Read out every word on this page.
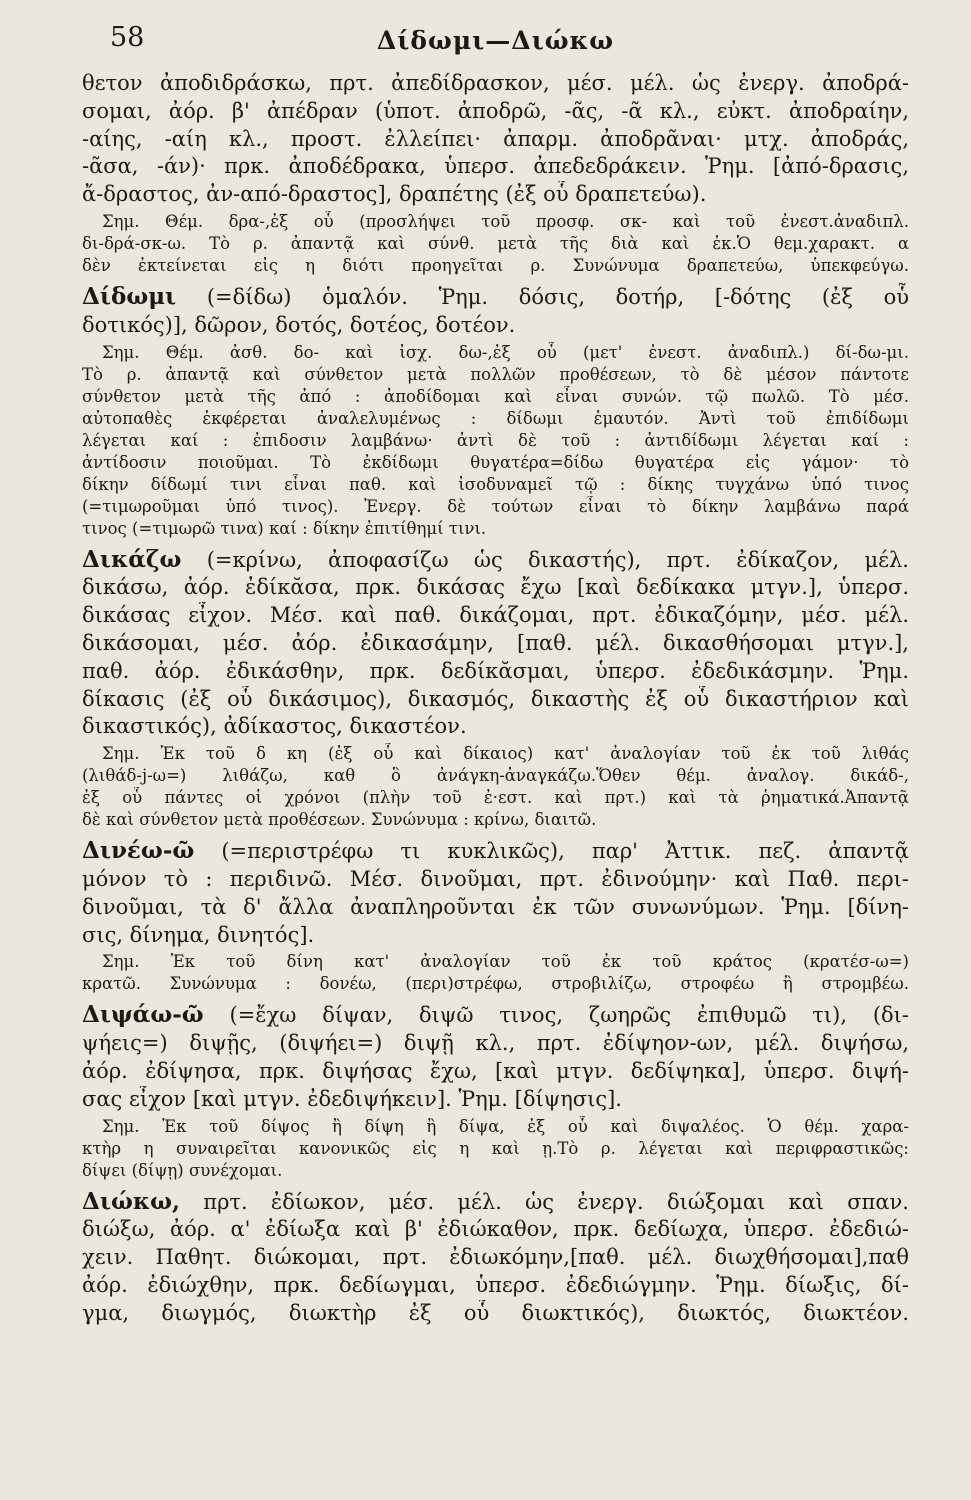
58	Δίδωμι—Διώκω
θετον ἀποδιδράσκω, πρτ. ἀπεδίδρασκον, μέσ. μέλ. ὡς ἐνεργ. ἀποδρά-
σομαι, ἀόρ. β' ἀπέδραν (ὑποτ. ἀποδρῶ, -ᾶς, -ᾶ κλ., εὐκτ. ἀποδραίην,
-αίης, -αίη κλ., προστ. ἐλλείπει· ἀπαρμ. ἀποδρᾶναι· μτχ. ἀποδράς,
-ᾶσα, -άν)· πρκ. ἀποδέδρακα, ὑπερσ. ἀπεδεδράκειν. Ῥημ. [ἀπό-δρασις,
ἄ-δραστος, ἀν-από-δραστος], δραπέτης (ἐξ οὗ δραπετεύω).
Σημ. Θέμ. δρα-,ἐξ οὗ (προσλήψει τοῦ προσφ. σκ- καὶ τοῦ ἐνεστ.ἀναδιπλ.
δι-δρά-σκ-ω. Τὸ ρ. ἀπαντᾷ καὶ σύνθ. μετὰ τῆς διὰ καὶ ἐκ.Ὁ θεμ.χαρακτ. α
δὲν ἐκτείνεται εἰς η διότι προηγεῖται ρ. Συνώνυμα δραπετεύω, ὑπεκφεύγω.
Δίδωμι (=δίδω) ὁμαλόν. Ῥημ. δόσις, δοτήρ, [-δότης (ἐξ οὗ
δοτικός)], δῶρον, δοτός, δοτέος, δοτέον.
Σημ. Θέμ. ἀσθ. δο- καὶ ἰσχ. δω-,ἐξ οὗ (μετ' ἐνεστ. ἀναδιπλ.) δί-δω-μι.
Τὸ ρ. ἀπαντᾷ καὶ σύνθετον μετὰ πολλῶν προθέσεων, τὸ δὲ μέσον πάντοτε
σύνθετον μετὰ τῆς ἀπό : ἀποδίδομαι καὶ εἶναι συνών. τῷ πωλῶ. Τὸ μέσ.
αὐτοπαθὲς ἐκφέρεται ἀναλελυμένως : δίδωμι ἐμαυτόν. Ἀντὶ τοῦ ἐπιδίδωμι
λέγεται καί : ἐπιδοσιν λαμβάνω· ἀντὶ δὲ τοῦ : ἀντιδίδωμι λέγεται καί :
ἀντίδοσιν ποιοῦμαι. Τὸ ἐκδίδωμι θυγατέρα=δίδω θυγατέρα εἰς γάμον· τὸ
δίκην δίδωμί τινι εἶναι παθ. καὶ ἰσοδυναμεῖ τῷ : δίκης τυγχάνω ὑπό τινος
(=τιμωροῦμαι ὑπό τινος). Ἐνεργ. δὲ τούτων εἶναι τὸ δίκην λαμβάνω παρά
τινος (=τιμωρῶ τινα) καί : δίκην ἐπιτίθημί τινι.
Δικάζω (=κρίνω, ἀποφασίζω ὡς δικαστής), πρτ. ἐδίκαζον, μέλ.
δικάσω, ἀόρ. ἐδίκᾰσα, πρκ. δικάσας ἔχω [καὶ δεδίκακα μτγν.], ὑπερσ.
δικάσας εἶχον. Μέσ. καὶ παθ. δικάζομαι, πρτ. ἐδικαζόμην, μέσ. μέλ.
δικάσομαι, μέσ. ἀόρ. ἐδικασάμην, [παθ. μέλ. δικασθήσομαι μτγν.],
παθ. ἀόρ. ἐδικάσθην, πρκ. δεδίκᾰσμαι, ὑπερσ. ἐδεδικάσμην. Ῥημ.
δίκασις (ἐξ οὗ δικάσιμος), δικασμός, δικαστὴς ἐξ οὗ δικαστήριον καὶ
δικαστικός), ἀδίκαστος, δικαστέον.
Σημ. Ἐκ τοῦ δ κη (ἐξ οὗ καὶ δίκαιος) κατ' ἀναλογίαν τοῦ ἐκ τοῦ λιθάς
(λιθάδ-j-ω=) λιθάζω, καθ ὃ ἀνάγκη-ἀναγκάζω.Ὅθεν θέμ. ἀναλογ. δικάδ-,
ἐξ οὗ πάντες οἱ χρόνοι (πλὴν τοῦ ἐ·εστ. καὶ πρτ.) καὶ τὰ ῥηματικά.Ἀπαντᾷ
δὲ καὶ σύνθετον μετὰ προθέσεων. Συνώνυμα : κρίνω, διαιτῶ.
Δινέω-ῶ (=περιστρέφω τι κυκλικῶς), παρ' Ἀττικ. πεζ. ἀπαντᾷ
μόνον τὸ : περιδινῶ. Μέσ. δινοῦμαι, πρτ. ἐδινούμην· καὶ Παθ. περι-
δινοῦμαι, τὰ δ' ἄλλα ἀναπληροῦνται ἐκ τῶν συνωνύμων. Ῥημ. [δίνη-
σις, δίνημα, δινητός].
Σημ. Ἐκ τοῦ δίνη κατ' ἀναλογίαν τοῦ ἐκ τοῦ κράτος (κρατέσ-ω=)
κρατῶ. Συνώνυμα : δονέω, (περι)στρέφω, στροβιλίζω, στροφέω ἢ στρομβέω.
Διψάω-ῶ (=ἔχω δίψαν, διψῶ τινος, ζωηρῶς ἐπιθυμῶ τι), (δι-
ψήεις=) διψῇς, (διψήει=) διψῇ κλ., πρτ. ἐδίψηον-ων, μέλ. διψήσω,
ἀόρ. ἐδίψησα, πρκ. διψήσας ἔχω, [καὶ μτγν. δεδίψηκα], ὑπερσ. διψή-
σας εἶχον [καὶ μτγν. ἐδεδιψήκειν]. Ῥημ. [δίψησις].
Σημ. Ἐκ τοῦ δίψος ἢ δίψη ἢ δίψα, ἐξ οὗ καὶ διψαλέος. Ὁ θέμ. χαρα-
κτὴρ η συναιρεῖται κανονικῶς εἰς η καὶ ῃ.Τὸ ρ. λέγεται καὶ περιφραστικῶς:
δίψει (δίψῃ) συνέχομαι.
Διώκω, πρτ. ἐδίωκον, μέσ. μέλ. ὡς ἐνεργ. διώξομαι καὶ σπαν.
διώξω, ἀόρ. α' ἐδίωξα καὶ β' ἐδιώκαθον, πρκ. δεδίωχα, ὑπερσ. ἐδεδιώ-
χειν. Παθητ. διώκομαι, πρτ. ἐδιωκόμην,[παθ. μέλ. διωχθήσομαι],παθ
ἀόρ. ἐδιώχθην, πρκ. δεδίωγμαι, ὑπερσ. ἐδεδιώγμην. Ῥημ. δίωξις, δί-
γμα, διωγμός, διωκτὴρ ἐξ οὗ διωκτικός), διωκτός, διωκτέον.
